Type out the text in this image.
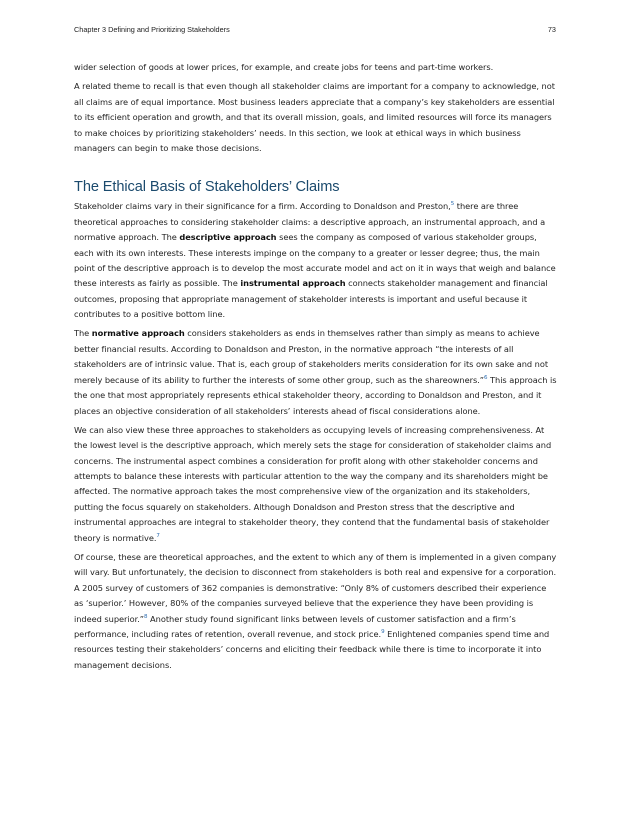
Chapter 3 Defining and Prioritizing Stakeholders	73

wider selection of goods at lower prices, for example, and create jobs for teens and part-time workers.

A related theme to recall is that even though all stakeholder claims are important for a company to acknowledge, not all claims are of equal importance. Most business leaders appreciate that a company’s key stakeholders are essential to its efficient operation and growth, and that its overall mission, goals, and limited resources will force its managers to make choices by prioritizing stakeholders’ needs. In this section, we look at ethical ways in which business managers can begin to make those decisions.

The Ethical Basis of Stakeholders’ Claims

Stakeholder claims vary in their significance for a firm. According to Donaldson and Preston,$^5$ there are three theoretical approaches to considering stakeholder claims: a descriptive approach, an instrumental approach, and a normative approach. The descriptive approach sees the company as composed of various stakeholder groups, each with its own interests. These interests impinge on the company to a greater or lesser degree; thus, the main point of the descriptive approach is to develop the most accurate model and act on it in ways that weigh and balance these interests as fairly as possible. The instrumental approach connects stakeholder management and financial outcomes, proposing that appropriate management of stakeholder interests is important and useful because it contributes to a positive bottom line.

The normative approach considers stakeholders as ends in themselves rather than simply as means to achieve better financial results. According to Donaldson and Preston, in the normative approach “the interests of all stakeholders are of intrinsic value. That is, each group of stakeholders merits consideration for its own sake and not merely because of its ability to further the interests of some other group, such as the shareowners.”$^6$ This approach is the one that most appropriately represents ethical stakeholder theory, according to Donaldson and Preston, and it places an objective consideration of all stakeholders’ interests ahead of fiscal considerations alone.

We can also view these three approaches to stakeholders as occupying levels of increasing comprehensiveness. At the lowest level is the descriptive approach, which merely sets the stage for consideration of stakeholder claims and concerns. The instrumental aspect combines a consideration for profit along with other stakeholder concerns and attempts to balance these interests with particular attention to the way the company and its shareholders might be affected. The normative approach takes the most comprehensive view of the organization and its stakeholders, putting the focus squarely on stakeholders. Although Donaldson and Preston stress that the descriptive and instrumental approaches are integral to stakeholder theory, they contend that the fundamental basis of stakeholder theory is normative.$^7$

Of course, these are theoretical approaches, and the extent to which any of them is implemented in a given company will vary. But unfortunately, the decision to disconnect from stakeholders is both real and expensive for a corporation. A 2005 survey of customers of 362 companies is demonstrative: “Only 8% of customers described their experience as ‘superior.’ However, 80% of the companies surveyed believe that the experience they have been providing is indeed superior.”$^8$ Another study found significant links between levels of customer satisfaction and a firm’s performance, including rates of retention, overall revenue, and stock price.$^9$ Enlightened companies spend time and resources testing their stakeholders’ concerns and eliciting their feedback while there is time to incorporate it into management decisions.
